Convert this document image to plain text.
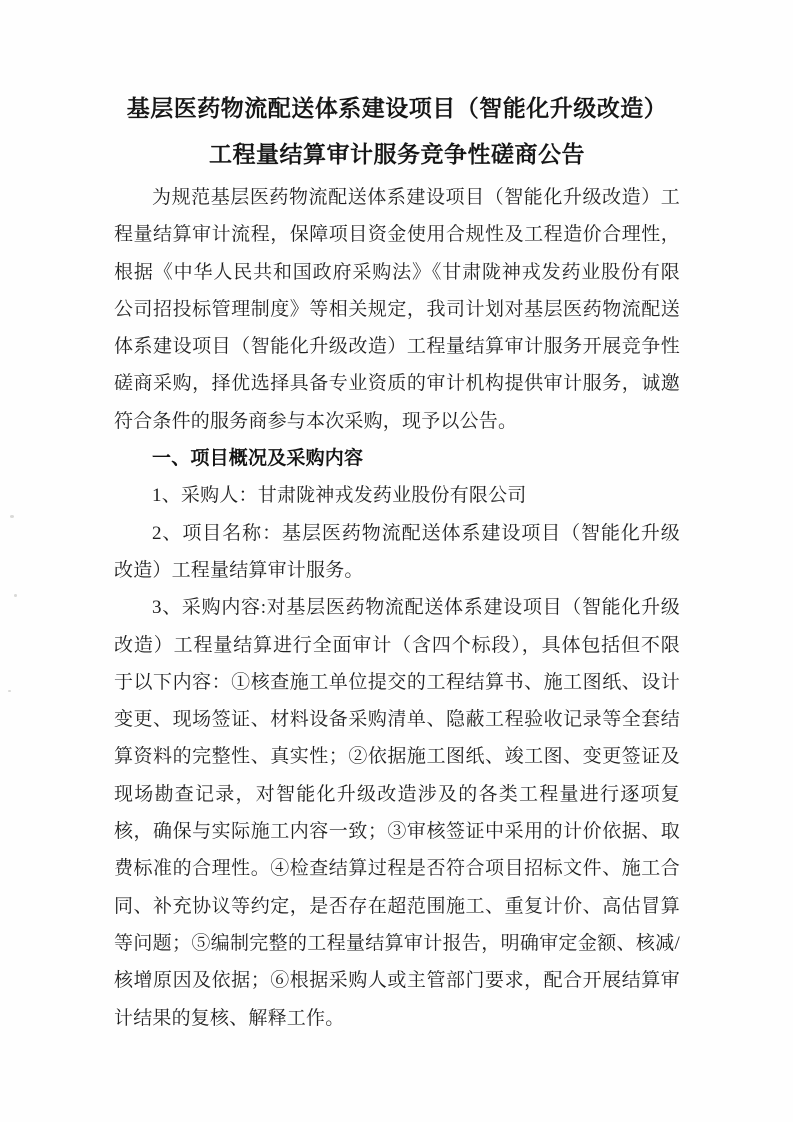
基层医药物流配送体系建设项目（智能化升级改造）
工程量结算审计服务竞争性磋商公告

为规范基层医药物流配送体系建设项目（智能化升级改造）工程量结算审计流程，保障项目资金使用合规性及工程造价合理性，根据《中华人民共和国政府采购法》《甘肃陇神戎发药业股份有限公司招投标管理制度》等相关规定，我司计划对基层医药物流配送体系建设项目（智能化升级改造）工程量结算审计服务开展竞争性磋商采购，择优选择具备专业资质的审计机构提供审计服务，诚邀符合条件的服务商参与本次采购，现予以公告。

一、项目概况及采购内容

1、采购人：甘肃陇神戎发药业股份有限公司

2、项目名称：基层医药物流配送体系建设项目（智能化升级改造）工程量结算审计服务。

3、采购内容:对基层医药物流配送体系建设项目（智能化升级改造）工程量结算进行全面审计（含四个标段），具体包括但不限于以下内容：①核查施工单位提交的工程结算书、施工图纸、设计变更、现场签证、材料设备采购清单、隐蔽工程验收记录等全套结算资料的完整性、真实性；②依据施工图纸、竣工图、变更签证及现场勘查记录，对智能化升级改造涉及的各类工程量进行逐项复核，确保与实际施工内容一致；③审核签证中采用的计价依据、取费标准的合理性。④检查结算过程是否符合项目招标文件、施工合同、补充协议等约定，是否存在超范围施工、重复计价、高估冒算等问题；⑤编制完整的工程量结算审计报告，明确审定金额、核减/核增原因及依据；⑥根据采购人或主管部门要求，配合开展结算审计结果的复核、解释工作。
